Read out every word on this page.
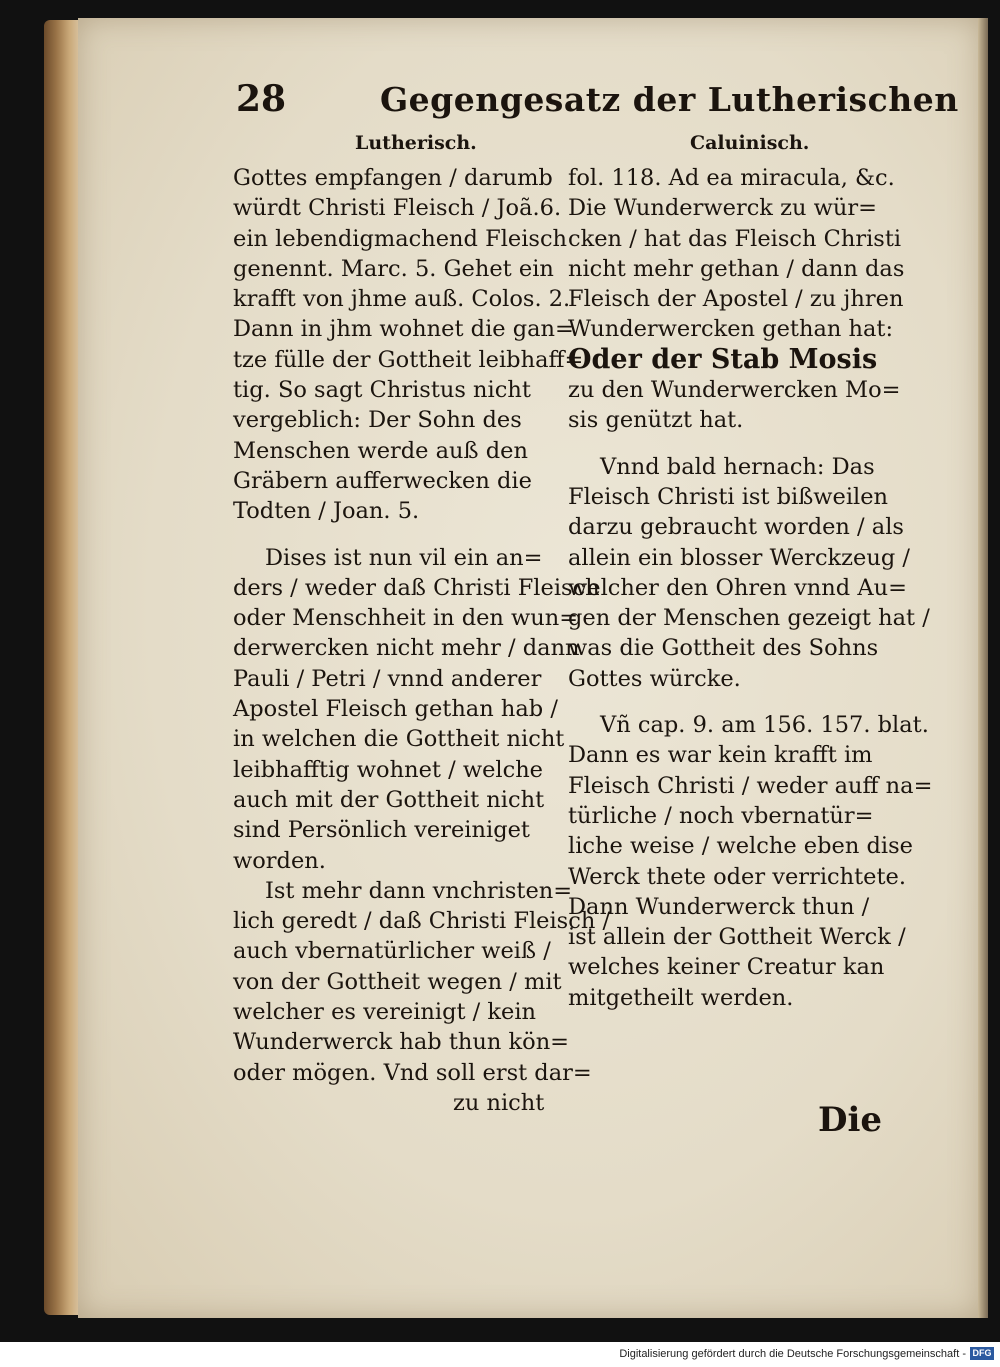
28	Gegengesatz der Lutherischen
Lutherisch.	Caluinisch.
Gottes empfangen / darumb
würdt Christi Fleisch / Joã.6.
ein lebendigmachend Fleisch
genennt. Marc. 5. Gehet ein
krafft von jhme auß. Colos. 2.
Dann in jhm wohnet die gan=
tze fülle der Gottheit leibhaff=
tig. So sagt Christus nicht
vergeblich: Der Sohn des
Menschen werde auß den
Gräbern aufferwecken die
Todten / Joan. 5.
Dises ist nun vil ein an=
ders / weder daß Christi Fleisch
oder Menschheit in den wun=
derwercken nicht mehr / dann
Pauli / Petri / vnnd anderer
Apostel Fleisch gethan hab /
in welchen die Gottheit nicht
leibhafftig wohnet / welche
auch mit der Gottheit nicht
sind Persönlich vereiniget
worden.
Ist mehr dann vnchristen=
lich geredt / daß Christi Fleisch /
auch vbernatürlicher weiß /
von der Gottheit wegen / mit
welcher es vereinigt / kein
Wunderwerck hab thun kön=
oder mögen. Vnd soll erst dar=
zu nicht
fol. 118. Ad ea miracula, &c.
Die Wunderwerck zu wür=
cken / hat das Fleisch Christi
nicht mehr gethan / dann das
Fleisch der Apostel / zu jhren
Wunderwercken gethan hat:
Oder der Stab Mosis
zu den Wunderwercken Mo=
sis genützt hat.
Vnnd bald hernach: Das
Fleisch Christi ist bißweilen
darzu gebraucht worden / als
allein ein blosser Werckzeug /
welcher den Ohren vnnd Au=
gen der Menschen gezeigt hat /
was die Gottheit des Sohns
Gottes würcke.
Vñ cap. 9. am 156. 157. blat.
Dann es war kein krafft im
Fleisch Christi / weder auff na=
türliche / noch vbernatür=
liche weise / welche eben dise
Werck thete oder verrichtete.
Dann Wunderwerck thun /
ist allein der Gottheit Werck /
welches keiner Creatur kan
mitgetheilt werden.
Die
Digitalisierung gefördert durch die Deutsche Forschungsgemeinschaft - DFG
